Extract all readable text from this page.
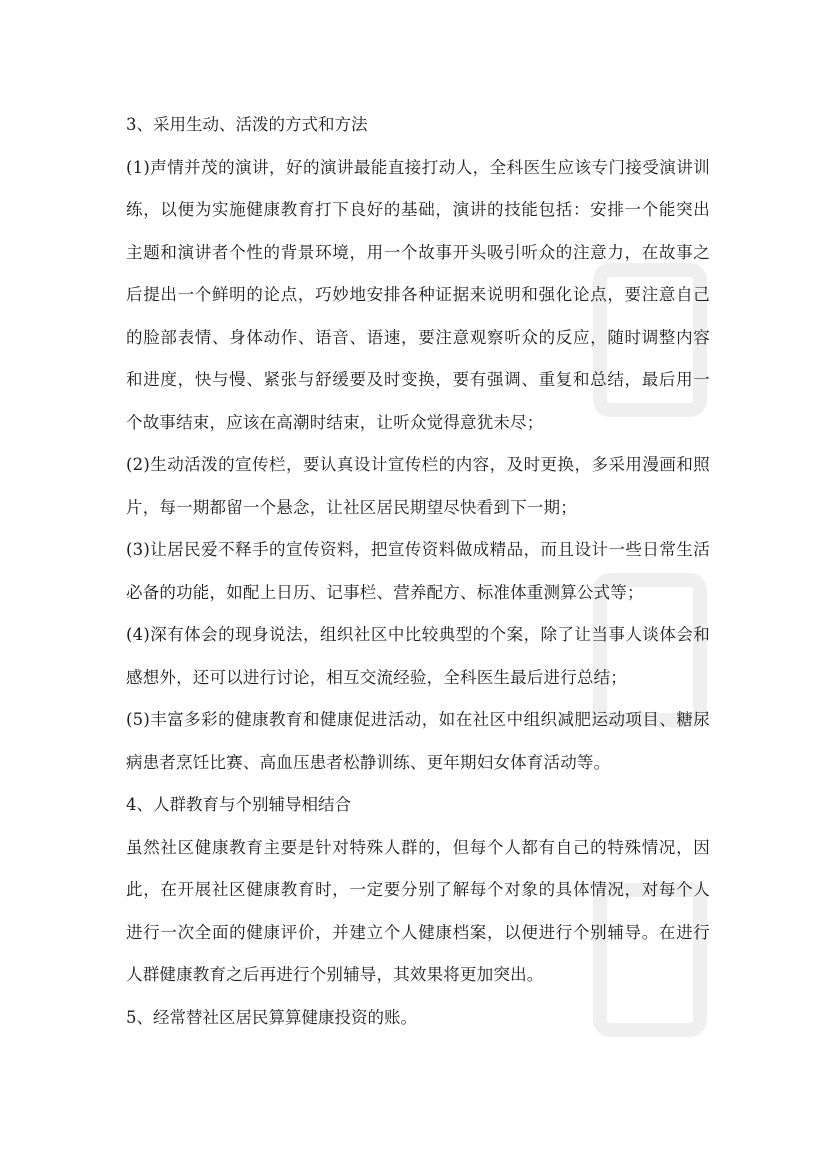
3、采用生动、活泼的方式和方法

(1)声情并茂的演讲，好的演讲最能直接打动人，全科医生应该专门接受演讲训练，以便为实施健康教育打下良好的基础，演讲的技能包括：安排一个能突出主题和演讲者个性的背景环境，用一个故事开头吸引听众的注意力，在故事之后提出一个鲜明的论点，巧妙地安排各种证据来说明和强化论点，要注意自己的脸部表情、身体动作、语音、语速，要注意观察听众的反应，随时调整内容和进度，快与慢、紧张与舒缓要及时变换，要有强调、重复和总结，最后用一个故事结束，应该在高潮时结束，让听众觉得意犹未尽；

(2)生动活泼的宣传栏，要认真设计宣传栏的内容，及时更换，多采用漫画和照片，每一期都留一个悬念，让社区居民期望尽快看到下一期；

(3)让居民爱不释手的宣传资料，把宣传资料做成精品，而且设计一些日常生活必备的功能，如配上日历、记事栏、营养配方、标准体重测算公式等；

(4)深有体会的现身说法，组织社区中比较典型的个案，除了让当事人谈体会和感想外，还可以进行讨论，相互交流经验，全科医生最后进行总结；

(5)丰富多彩的健康教育和健康促进活动，如在社区中组织减肥运动项目、糖尿病患者烹饪比赛、高血压患者松静训练、更年期妇女体育活动等。

4、人群教育与个别辅导相结合

虽然社区健康教育主要是针对特殊人群的，但每个人都有自己的特殊情况，因此，在开展社区健康教育时，一定要分别了解每个对象的具体情况，对每个人进行一次全面的健康评价，并建立个人健康档案，以便进行个别辅导。在进行人群健康教育之后再进行个别辅导，其效果将更加突出。

5、经常替社区居民算算健康投资的账。
